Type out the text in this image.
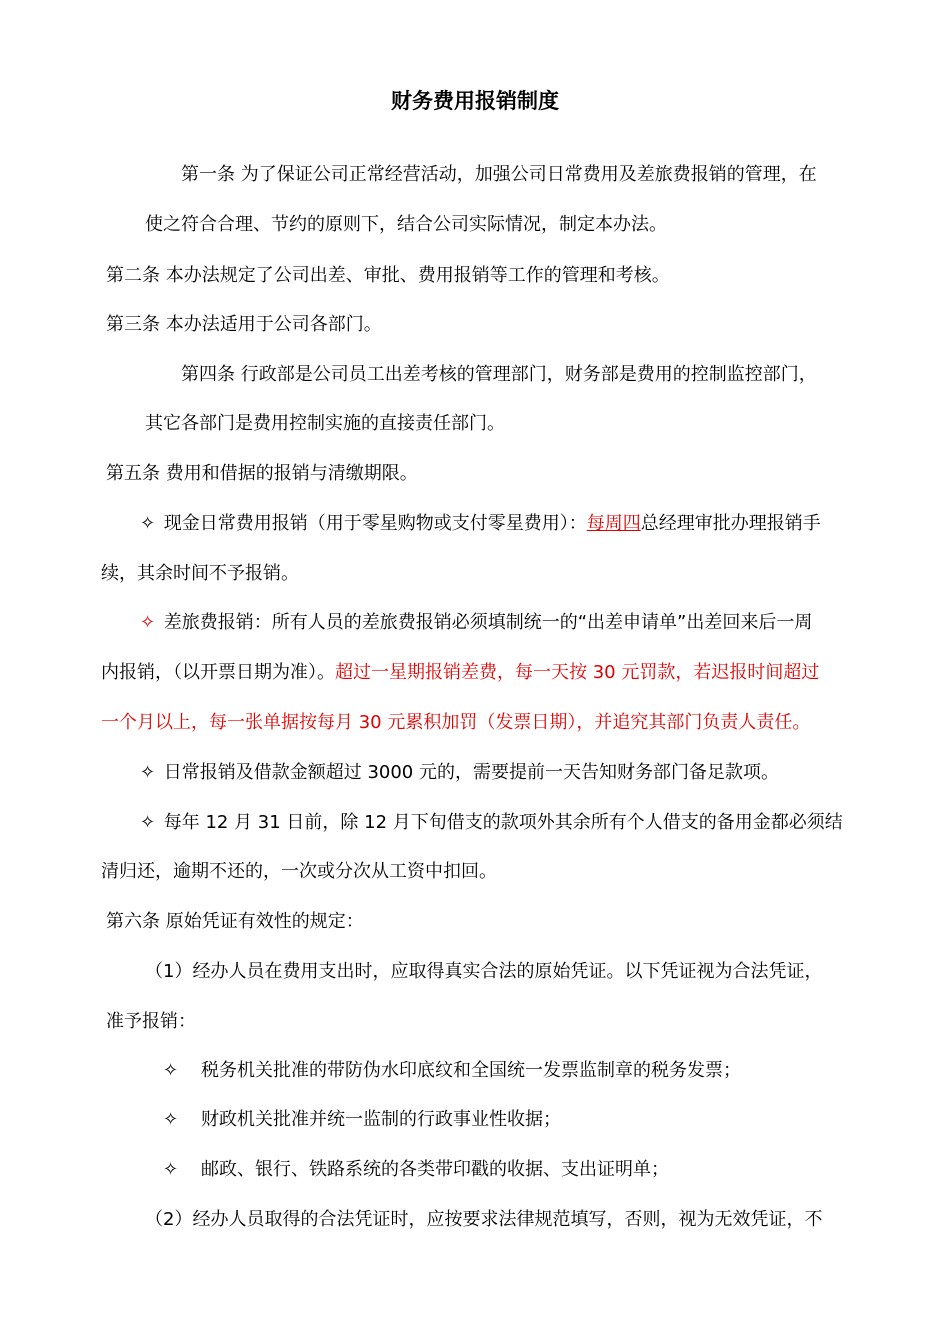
财务费用报销制度
第一条 为了保证公司正常经营活动，加强公司日常费用及差旅费报销的管理，在
使之符合合理、节约的原则下，结合公司实际情况，制定本办法。
第二条 本办法规定了公司出差、审批、费用报销等工作的管理和考核。
第三条 本办法适用于公司各部门。
第四条 行政部是公司员工出差考核的管理部门，财务部是费用的控制监控部门，
其它各部门是费用控制实施的直接责任部门。
第五条 费用和借据的报销与清缴期限。
✧ 现金日常费用报销（用于零星购物或支付零星费用）：每周四总经理审批办理报销手
续，其余时间不予报销。
✧ 差旅费报销：所有人员的差旅费报销必须填制统一的“出差申请单”出差回来后一周
内报销，（以开票日期为准）。超过一星期报销差费，每一天按 30 元罚款，若迟报时间超过
一个月以上，每一张单据按每月 30 元累积加罚（发票日期），并追究其部门负责人责任。
✧ 日常报销及借款金额超过 3000 元的，需要提前一天告知财务部门备足款项。
✧ 每年 12 月 31 日前，除 12 月下旬借支的款项外其余所有个人借支的备用金都必须结
清归还，逾期不还的，一次或分次从工资中扣回。
第六条 原始凭证有效性的规定：
（1）经办人员在费用支出时，应取得真实合法的原始凭证。以下凭证视为合法凭证，
准予报销：
✧ 税务机关批准的带防伪水印底纹和全国统一发票监制章的税务发票；
✧ 财政机关批准并统一监制的行政事业性收据；
✧ 邮政、银行、铁路系统的各类带印戳的收据、支出证明单；
（2）经办人员取得的合法凭证时，应按要求法律规范填写，否则，视为无效凭证，不
